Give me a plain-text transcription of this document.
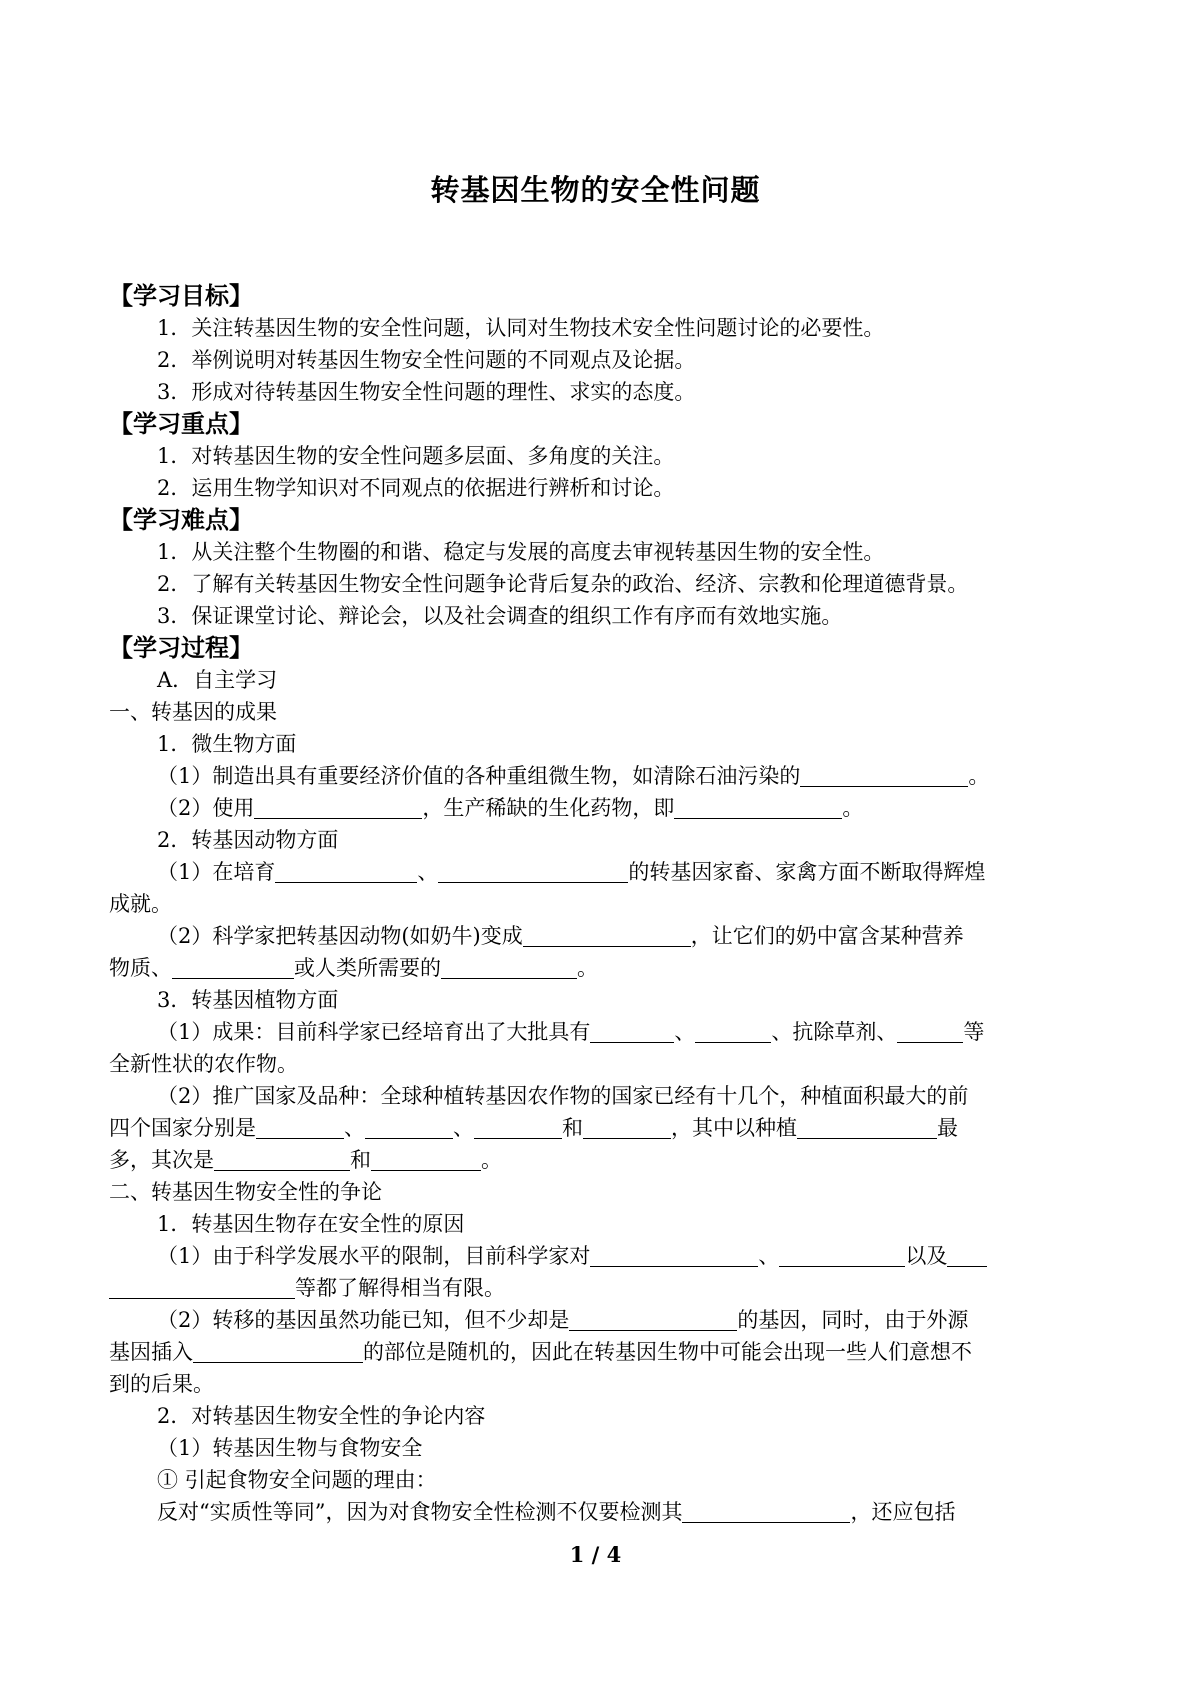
转基因生物的安全性问题
【学习目标】
1．关注转基因生物的安全性问题，认同对生物技术安全性问题讨论的必要性。
2．举例说明对转基因生物安全性问题的不同观点及论据。
3．形成对待转基因生物安全性问题的理性、求实的态度。
【学习重点】
1．对转基因生物的安全性问题多层面、多角度的关注。
2．运用生物学知识对不同观点的依据进行辨析和讨论。
【学习难点】
1．从关注整个生物圈的和谐、稳定与发展的高度去审视转基因生物的安全性。
2．了解有关转基因生物安全性问题争论背后复杂的政治、经济、宗教和伦理道德背景。
3．保证课堂讨论、辩论会，以及社会调查的组织工作有序而有效地实施。
【学习过程】
A．自主学习
一、转基因的成果
1．微生物方面
（1）制造出具有重要经济价值的各种重组微生物，如清除石油污染的	。
（2）使用	，生产稀缺的生化药物，即	。
2．转基因动物方面
（1）在培育	、	的转基因家畜、家禽方面不断取得辉煌
成就。
（2）科学家把转基因动物(如奶牛)变成	，让它们的奶中富含某种营养
物质、	或人类所需要的	。
3．转基因植物方面
（1）成果：目前科学家已经培育出了大批具有	、	、抗除草剂、	等
全新性状的农作物。
（2）推广国家及品种：全球种植转基因农作物的国家已经有十几个，种植面积最大的前
四个国家分别是	、	、	和	，其中以种植	最
多，其次是	和	。
二、转基因生物安全性的争论
1．转基因生物存在安全性的原因
（1）由于科学发展水平的限制，目前科学家对	、	以及
等都了解得相当有限。
（2）转移的基因虽然功能已知，但不少却是	的基因，同时，由于外源
基因插入	的部位是随机的，因此在转基因生物中可能会出现一些人们意想不
到的后果。
2．对转基因生物安全性的争论内容
（1）转基因生物与食物安全
① 引起食物安全问题的理由：
反对“实质性等同”，因为对食物安全性检测不仅要检测其	，还应包括
1 / 4
